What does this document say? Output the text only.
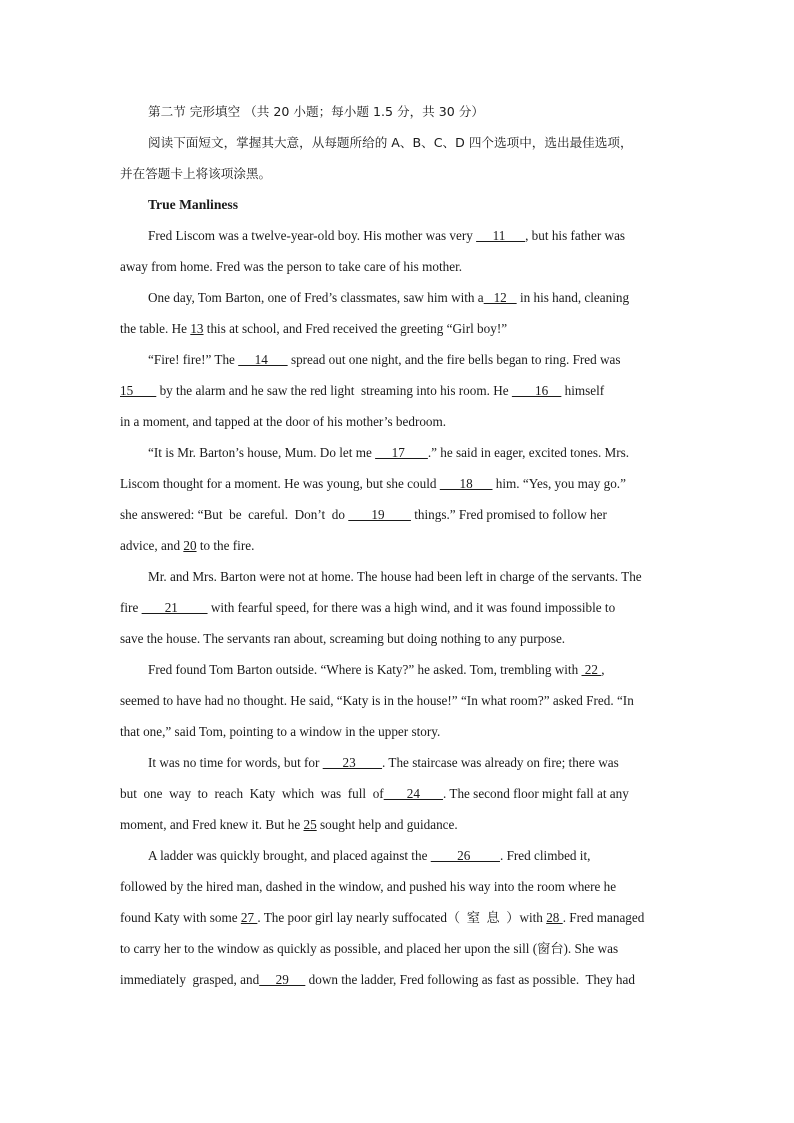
第二节 完形填空 （共 20 小题；每小题 1.5 分，共 30 分）
阅读下面短文，掌握其大意，从每题所给的 A、B、C、D 四个选项中，选出最佳选项，
并在答题卡上将该项涂黑。
True Manliness
Fred Liscom was a twelve-year-old boy. His mother was very      11      , but his father was
away from home. Fred was the person to take care of his mother.
One day, Tom Barton, one of Fred’s classmates, saw him with a   12    in his hand, cleaning
the table. He 13 this at school, and Fred received the greeting “Girl boy!”
“Fire! fire!” The      14       spread out one night, and the fire bells began to ring. Fred was
15        by the alarm and he saw the red light  streaming into his room. He        16     himself
in a moment, and tapped at the door of his mother’s bedroom.
“It is Mr. Barton’s house, Mum. Do let me      17       .” he said in eager, excited tones. Mrs.
Liscom thought for a moment. He was young, but she could       18       him. “Yes, you may go.”
she answered: “But  be  careful.  Don’t  do        19         things.” Fred promised to follow her
advice, and 20 to the fire.
Mr. and Mrs. Barton were not at home. The house had been left in charge of the servants. The
fire        21          with fearful speed, for there was a high wind, and it was found impossible to
save the house. The servants ran about, screaming but doing nothing to any purpose.
Fred found Tom Barton outside. “Where is Katy?” he asked. Tom, trembling with  22 ,
seemed to have had no thought. He said, “Katy is in the house!” “In what room?” asked Fred. “In
that one,” said Tom, pointing to a window in the upper story.
It was no time for words, but for       23        . The staircase was already on fire; there was
but  one  way  to  reach  Katy  which  was  full  of       24       . The second floor might fall at any
moment, and Fred knew it. But he 25 sought help and guidance.
A ladder was quickly brought, and placed against the         26         . Fred climbed it,
followed by the hired man, dashed in the window, and pushed his way into the room where he
found Katy with some 27 . The poor girl lay nearly suffocated（  窒  息  ）with 28 . Fred managed
to carry her to the window as quickly as possible, and placed her upon the sill (窗台). She was
immediately  grasped, and     29      down the ladder, Fred following as fast as possible.  They had
